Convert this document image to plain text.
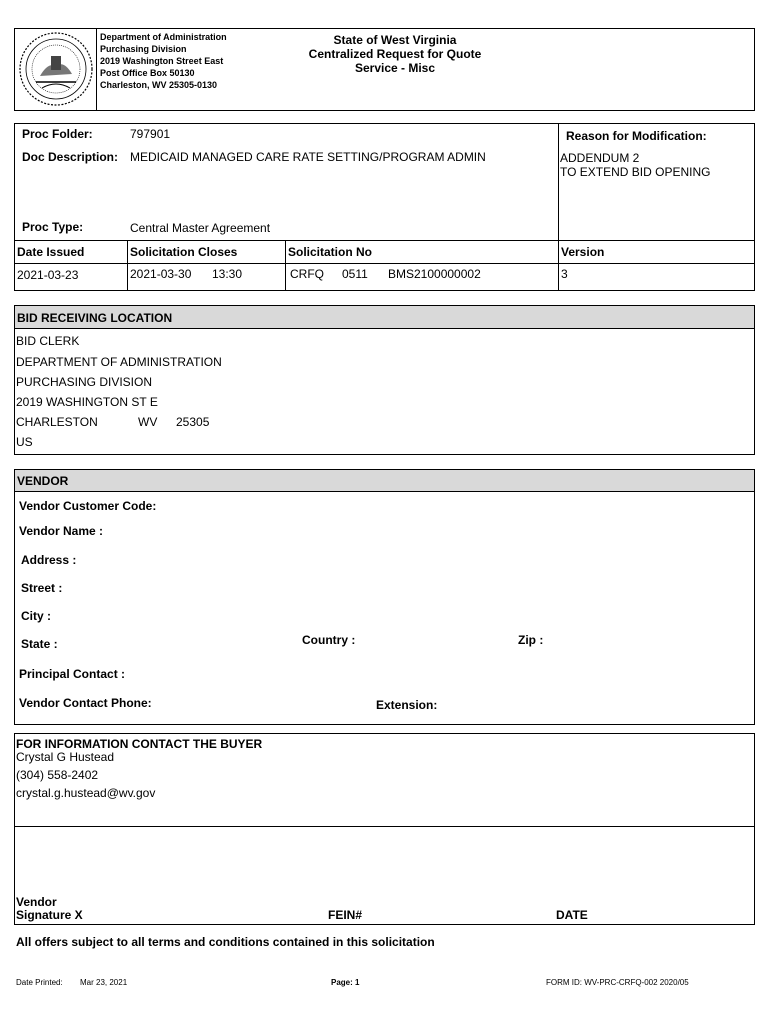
Department of Administration
Purchasing Division
2019 Washington Street East
Post Office Box 50130
Charleston, WV 25305-0130
State of West Virginia
Centralized Request for Quote
Service - Misc
Proc Folder:	797901
Doc Description: MEDICAID MANAGED CARE RATE SETTING/PROGRAM ADMIN
Reason for Modification:
ADDENDUM 2
TO EXTEND BID OPENING
Proc Type:	Central Master Agreement
Date Issued	Solicitation Closes	Solicitation No	Version
2021-03-23	2021-03-30 13:30	CRFQ 0511 BMS2100000002	3
BID RECEIVING LOCATION
BID CLERK
DEPARTMENT OF ADMINISTRATION
PURCHASING DIVISION
2019 WASHINGTON ST E
CHARLESTON	WV 25305
US
VENDOR
Vendor Customer Code:
Vendor Name :
Address :
Street :
City :
State :	Country :	Zip :
Principal Contact :
Vendor Contact Phone:	Extension:
FOR INFORMATION CONTACT THE BUYER
Crystal G Hustead
(304) 558-2402
crystal.g.hustead@wv.gov
Vendor
Signature X	FEIN#	DATE
All offers subject to all terms and conditions contained in this solicitation
Date Printed: Mar 23, 2021	Page: 1	FORM ID: WV-PRC-CRFQ-002 2020/05
